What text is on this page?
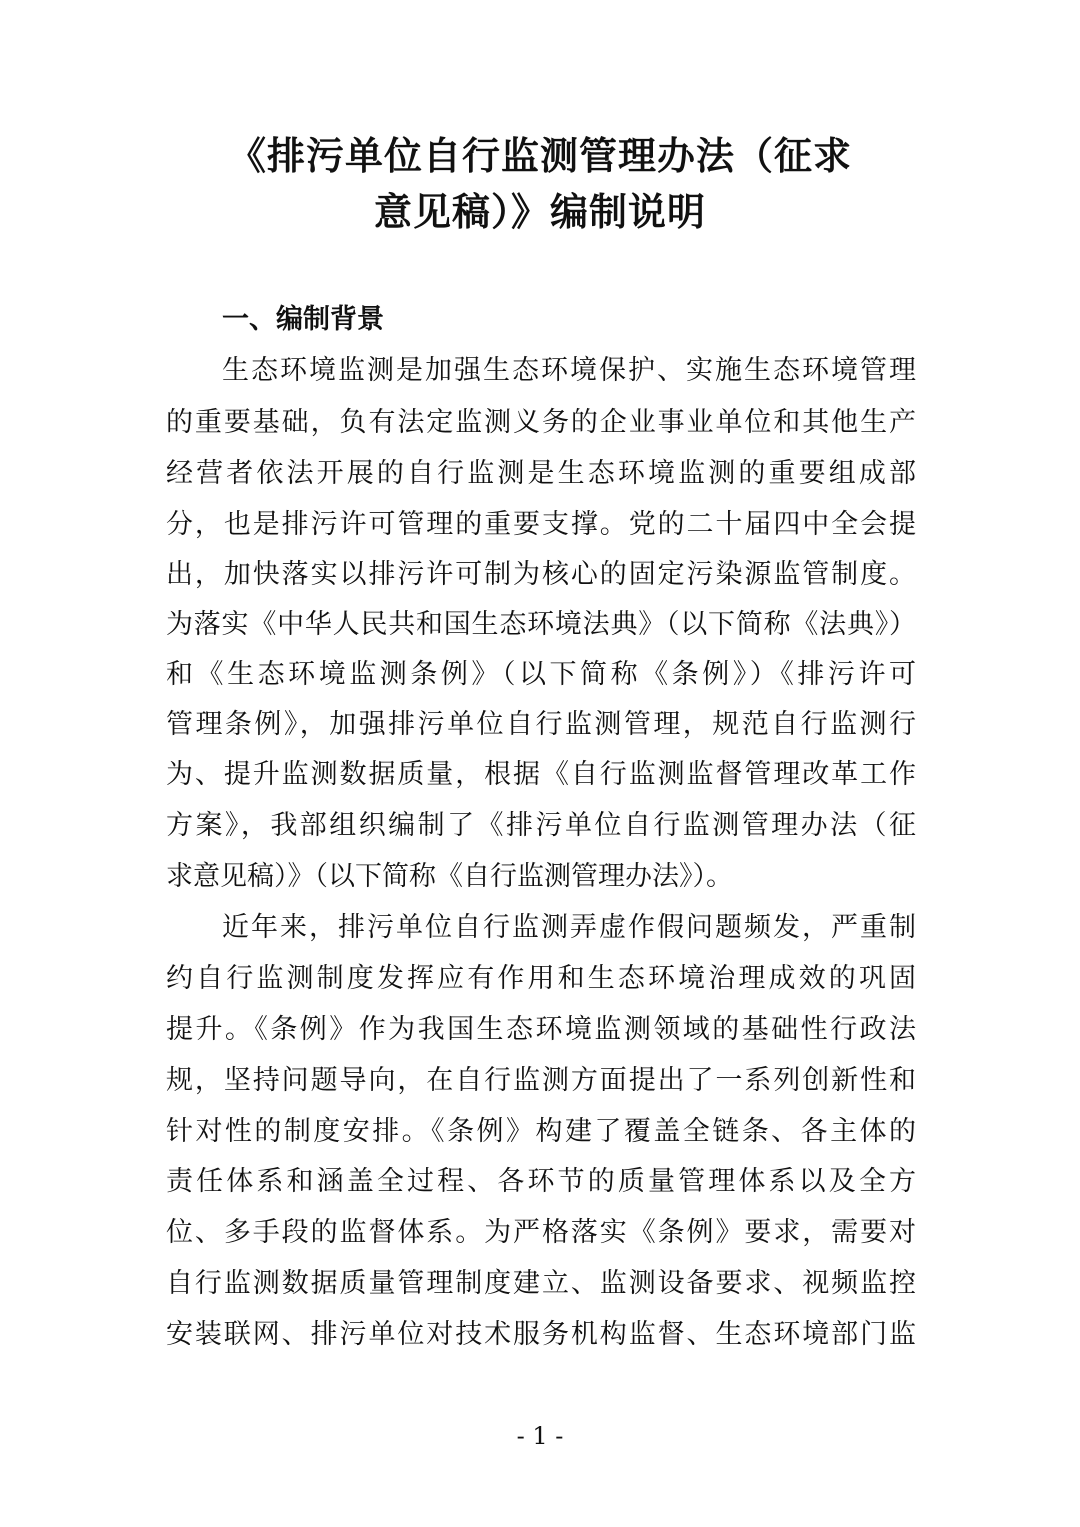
《排污单位自行监测管理办法（征求
意见稿）》编制说明
一、编制背景
生态环境监测是加强生态环境保护、实施生态环境管理
的重要基础，负有法定监测义务的企业事业单位和其他生产
经营者依法开展的自行监测是生态环境监测的重要组成部
分，也是排污许可管理的重要支撑。党的二十届四中全会提
出，加快落实以排污许可制为核心的固定污染源监管制度。
为落实《中华人民共和国生态环境法典》（以下简称《法典》）
和《生态环境监测条例》（以下简称《条例》）《排污许可
管理条例》，加强排污单位自行监测管理，规范自行监测行
为、提升监测数据质量，根据《自行监测监督管理改革工作
方案》，我部组织编制了《排污单位自行监测管理办法（征
求意见稿）》（以下简称《自行监测管理办法》）。
近年来，排污单位自行监测弄虚作假问题频发，严重制
约自行监测制度发挥应有作用和生态环境治理成效的巩固
提升。《条例》作为我国生态环境监测领域的基础性行政法
规，坚持问题导向，在自行监测方面提出了一系列创新性和
针对性的制度安排。《条例》构建了覆盖全链条、各主体的
责任体系和涵盖全过程、各环节的质量管理体系以及全方
位、多手段的监督体系。为严格落实《条例》要求，需要对
自行监测数据质量管理制度建立、监测设备要求、视频监控
安装联网、排污单位对技术服务机构监督、生态环境部门监
- 1 -
